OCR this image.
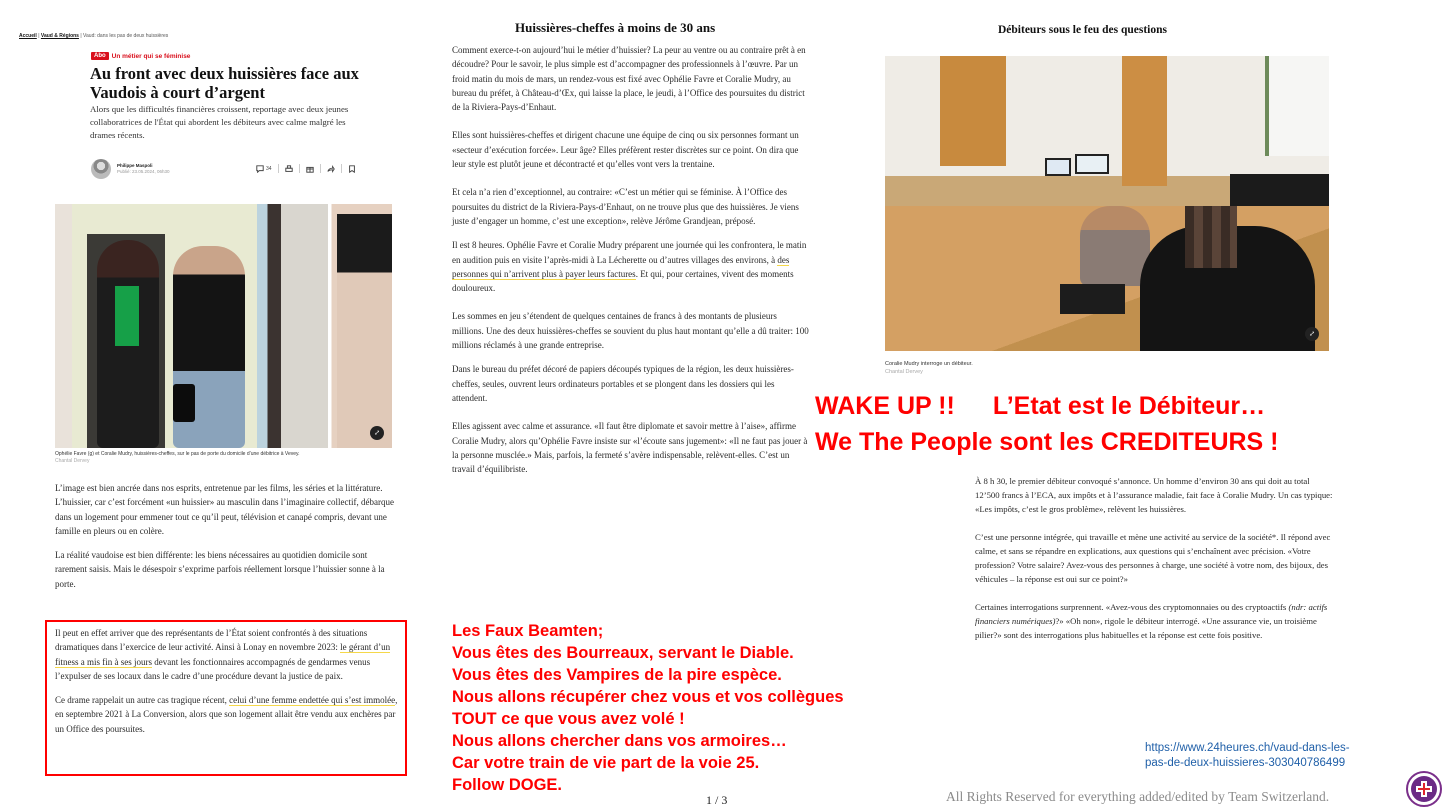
Accueil | Vaud & Régions | Vaud: dans les pas de deux huissières
Abo Un métier qui se féminise
Au front avec deux huissières face aux Vaudois à court d’argent

Alors que les difficultés financières croissent, reportage avec deux jeunes collaboratrices de l'État qui abordent les débiteurs avec calme malgré les drames récents.

Philippe Maspoli
Publié: 23.05.2024, 06h30	34
⤢
Ophélie Favre (g) et Coralie Mudry, huissières-cheffes, sur le pas de porte du domicile d’une débitrice à Vevey.
Chantal Dervey

L’image est bien ancrée dans nos esprits, entretenue par les films, les séries et la littérature. L’huissier, car c’est forcément «un huissier» au masculin dans l’imaginaire collectif, débarque dans un logement pour emmener tout ce qu’il peut, télévision et canapé compris, devant une famille en pleurs ou en colère.

La réalité vaudoise est bien différente: les biens nécessaires au quotidien domicile sont rarement saisis. Mais le désespoir s’exprime parfois réellement lorsque l’huissier sonne à la porte.

Il peut en effet arriver que des représentants de l’État soient confrontés à des situations dramatiques dans l’exercice de leur activité. Ainsi à Lonay en novembre 2023: le gérant d’un fitness a mis fin à ses jours devant les fonctionnaires accompagnés de gendarmes venus l’expulser de ses locaux dans le cadre d’une procédure devant la justice de paix.

Ce drame rappelait un autre cas tragique récent, celui d’une femme endettée qui s’est immolée, en septembre 2021 à La Conversion, alors que son logement allait être vendu aux enchères par un Office des poursuites.

Huissières-cheffes à moins de 30 ans

Comment exerce-t-on aujourd’hui le métier d’huissier? La peur au ventre ou au contraire prêt à en découdre? Pour le savoir, le plus simple est d’accompagner des professionnels à l’œuvre. Par un froid matin du mois de mars, un rendez-vous est fixé avec Ophélie Favre et Coralie Mudry, au bureau du préfet, à Château-d’Œx, qui laisse la place, le jeudi, à l’Office des poursuites du district de la Riviera-Pays-d’Enhaut.

Elles sont huissières-cheffes et dirigent chacune une équipe de cinq ou six personnes formant un «secteur d’exécution forcée». Leur âge? Elles préfèrent rester discrètes sur ce point. On dira que leur style est plutôt jeune et décontracté et qu’elles vont vers la trentaine.

Et cela n’a rien d’exceptionnel, au contraire: «C’est un métier qui se féminise. À l’Office des poursuites du district de la Riviera-Pays-d’Enhaut, on ne trouve plus que des huissières. Je viens juste d’engager un homme, c’est une exception», relève Jérôme Grandjean, préposé.

Il est 8 heures. Ophélie Favre et Coralie Mudry préparent une journée qui les confrontera, le matin en audition puis en visite l’après-midi à La Lécherette ou d’autres villages des environs, à des personnes qui n’arrivent plus à payer leurs factures. Et qui, pour certaines, vivent des moments douloureux.

Les sommes en jeu s’étendent de quelques centaines de francs à des montants de plusieurs millions. Une des deux huissières-cheffes se souvient du plus haut montant qu’elle a dû traiter: 100 millions réclamés à une grande entreprise.

Dans le bureau du préfet décoré de papiers découpés typiques de la région, les deux huissières-cheffes, seules, ouvrent leurs ordinateurs portables et se plongent dans les dossiers qui les attendent.

Elles agissent avec calme et assurance. «Il faut être diplomate et savoir mettre à l’aise», affirme Coralie Mudry, alors qu’Ophélie Favre insiste sur «l’écoute sans jugement»: «Il ne faut pas jouer à la personne musclée.» Mais, parfois, la fermeté s’avère indispensable, relèvent-elles. C’est un travail d’équilibriste.

Les Faux Beamten;
Vous êtes des Bourreaux, servant le Diable.
Vous êtes des Vampires de la pire espèce.
Nous allons récupérer chez vous et vos collègues
TOUT ce que vous avez volé !
Nous allons chercher dans vos armoires…
Car votre train de vie part de la voie 25.
Follow DOGE.
1 / 3
Débiteurs sous le feu des questions
⤢
Coralie Mudry interroge un débiteur.
Chantal Dervey
WAKE UP !! L’Etat est le Débiteur…
We The People sont les CREDITEURS !

À 8 h 30, le premier débiteur convoqué s’annonce. Un homme d’environ 30 ans qui doit au total 12’500 francs à l’ECA, aux impôts et à l’assurance maladie, fait face à Coralie Mudry. Un cas typique: «Les impôts, c’est le gros problème», relèvent les huissières.

C’est une personne intégrée, qui travaille et mène une activité au service de la société*. Il répond avec calme, et sans se répandre en explications, aux questions qui s’enchaînent avec précision. «Votre profession? Votre salaire? Avez-vous des personnes à charge, une société à votre nom, des bijoux, des véhicules – la réponse est oui sur ce point?»

Certaines interrogations surprennent. «Avez-vous des cryptomonnaies ou des cryptoactifs (ndr: actifs financiers numériques)?» «Oh non», rigole le débiteur interrogé. «Une assurance vie, un troisième pilier?» sont des interrogations plus habituelles et la réponse est cette fois positive.

https://www.24heures.ch/vaud-dans-les-
pas-de-deux-huissieres-303040786499
All Rights Reserved for everything added/edited by Team Switzerland.
